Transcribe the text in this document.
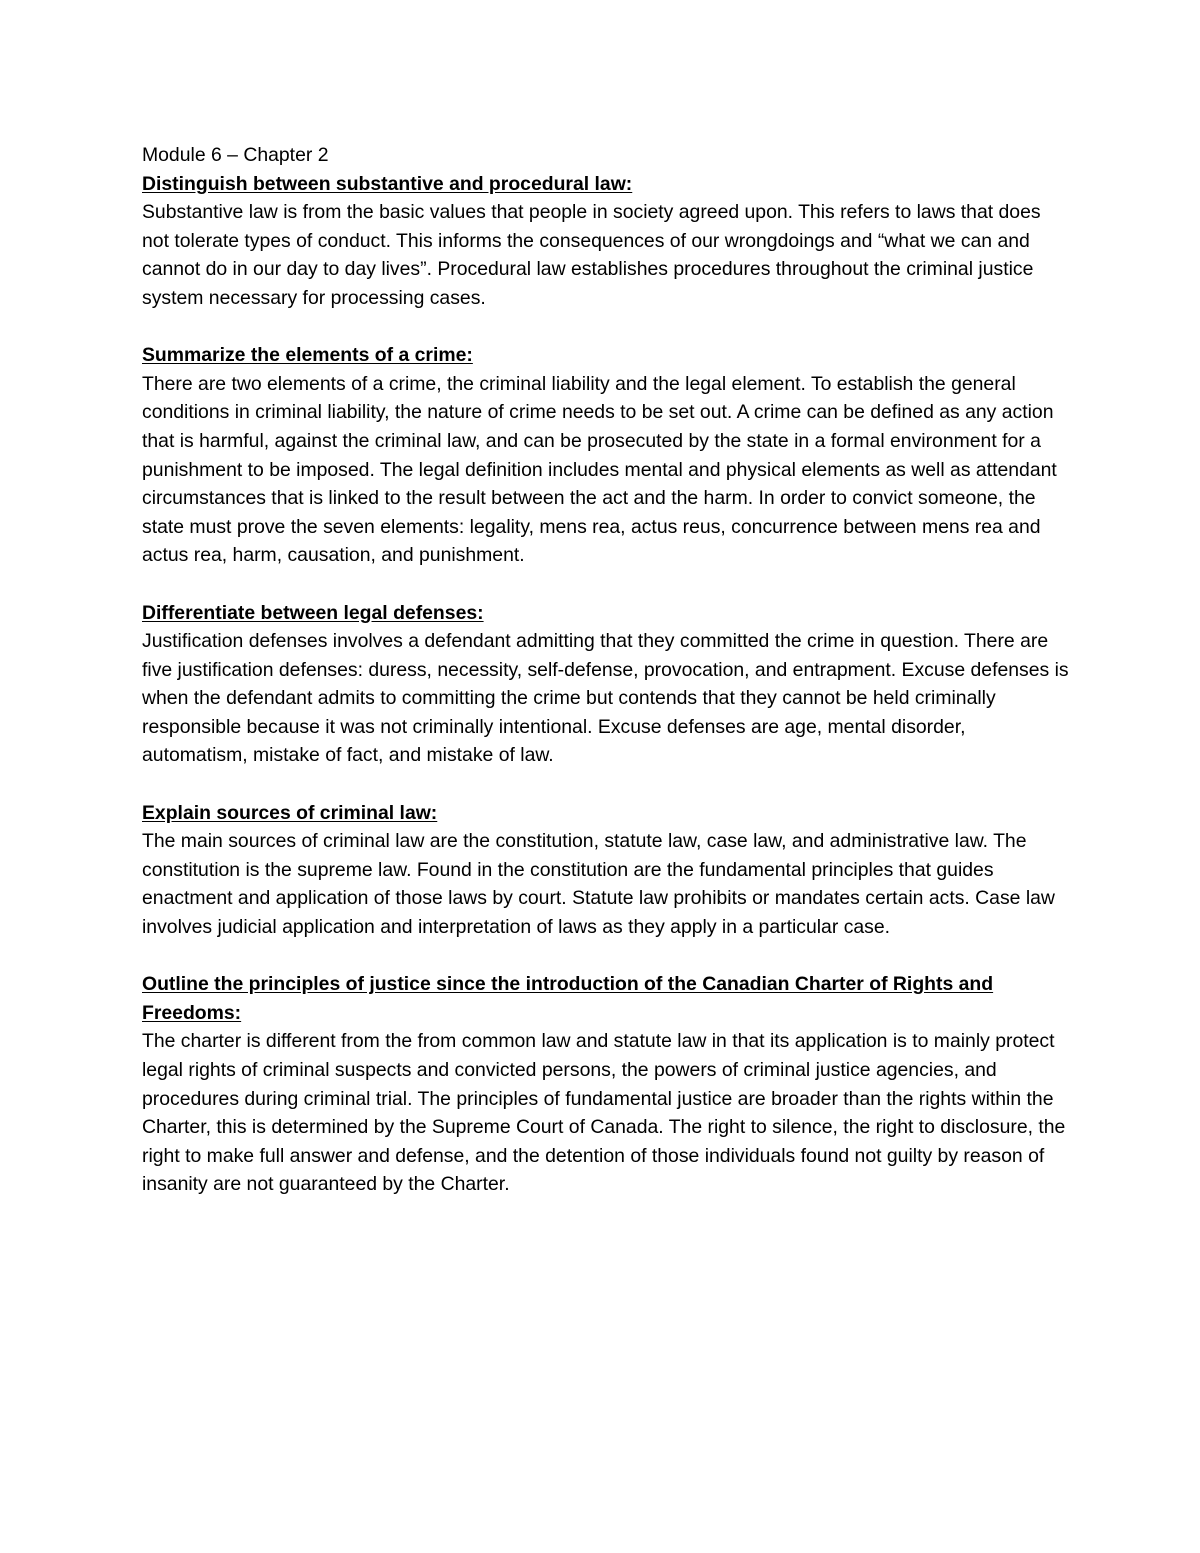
Module 6 – Chapter 2

Distinguish between substantive and procedural law:

Substantive law is from the basic values that people in society agreed upon. This refers to laws that does not tolerate types of conduct. This informs the consequences of our wrongdoings and “what we can and cannot do in our day to day lives”. Procedural law establishes procedures throughout the criminal justice system necessary for processing cases.

Summarize the elements of a crime:

There are two elements of a crime, the criminal liability and the legal element. To establish the general conditions in criminal liability, the nature of crime needs to be set out. A crime can be defined as any action that is harmful, against the criminal law, and can be prosecuted by the state in a formal environment for a punishment to be imposed. The legal definition includes mental and physical elements as well as attendant circumstances that is linked to the result between the act and the harm. In order to convict someone, the state must prove the seven elements: legality, mens rea, actus reus, concurrence between mens rea and actus rea, harm, causation, and punishment.

Differentiate between legal defenses:

Justification defenses involves a defendant admitting that they committed the crime in question. There are five justification defenses: duress, necessity, self-defense, provocation, and entrapment. Excuse defenses is when the defendant admits to committing the crime but contends that they cannot be held criminally responsible because it was not criminally intentional. Excuse defenses are age, mental disorder, automatism, mistake of fact, and mistake of law.

Explain sources of criminal law:

The main sources of criminal law are the constitution, statute law, case law, and administrative law. The constitution is the supreme law. Found in the constitution are the fundamental principles that guides enactment and application of those laws by court. Statute law prohibits or mandates certain acts. Case law involves judicial application and interpretation of laws as they apply in a particular case.

Outline the principles of justice since the introduction of the Canadian Charter of Rights and Freedoms:

The charter is different from the from common law and statute law in that its application is to mainly protect legal rights of criminal suspects and convicted persons, the powers of criminal justice agencies, and procedures during criminal trial. The principles of fundamental justice are broader than the rights within the Charter, this is determined by the Supreme Court of Canada. The right to silence, the right to disclosure, the right to make full answer and defense, and the detention of those individuals found not guilty by reason of insanity are not guaranteed by the Charter.
